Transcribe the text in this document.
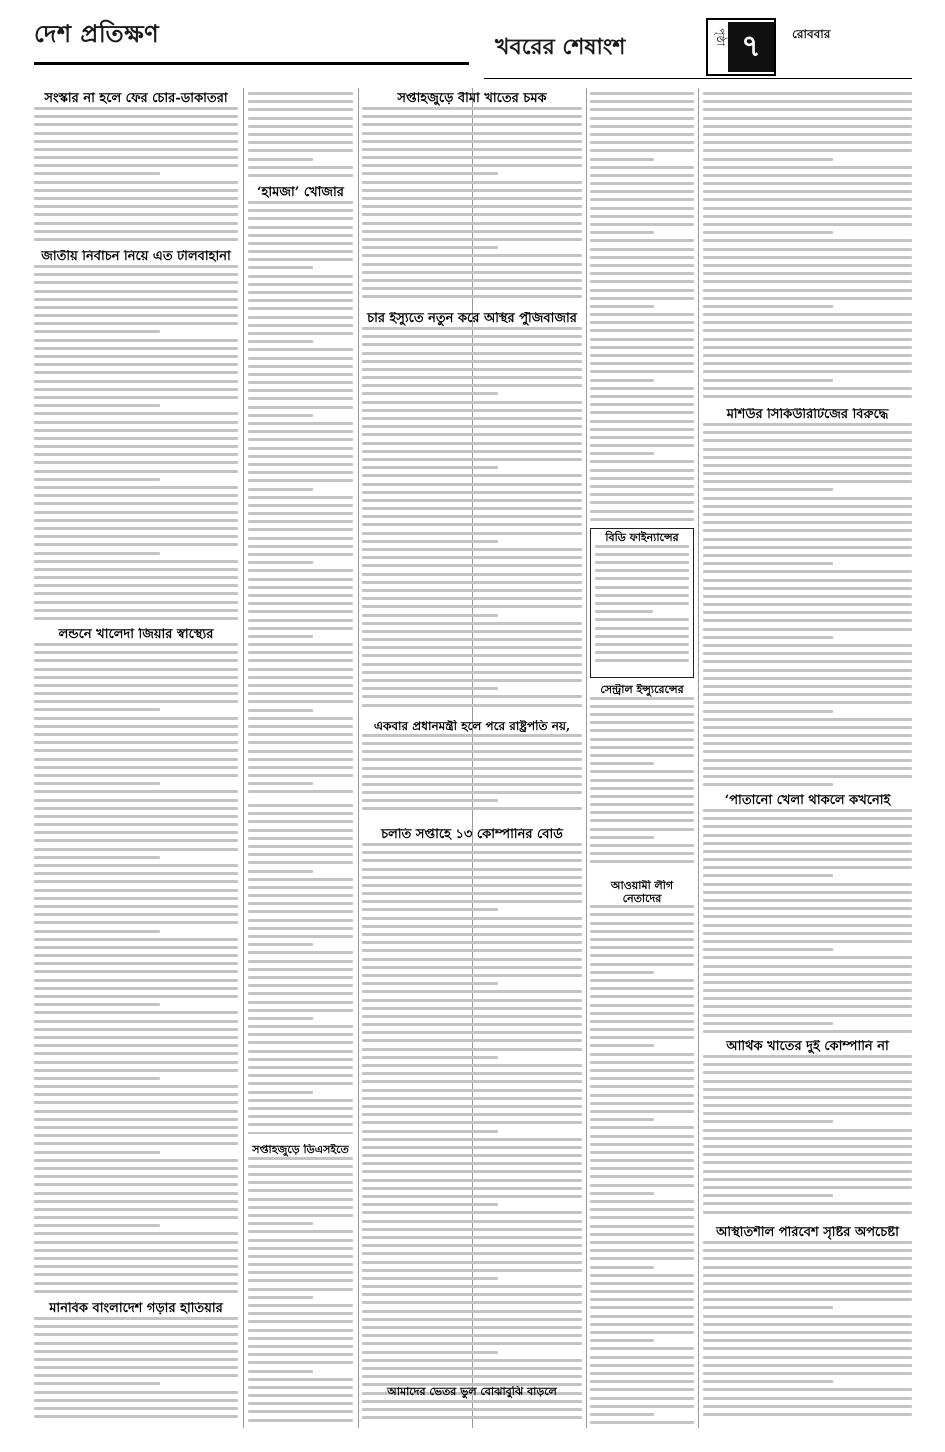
দেশ প্রতিক্ষণ	খবরের শেষাংশ	পৃষ্ঠা ৭	রোববার
সংস্কার না হলে ফের চোর-ডাকাতরা
জাতীয় নির্বাচন নিয়ে এত টালবাহানা
লন্ডনে খালেদা জিয়ার স্বাস্থ্যের
মানবিক বাংলাদেশ গড়ার হাতিয়ার
‘হামজা’ খোঁজার
সপ্তাহজুড়ে ডিএসইতে
সপ্তাহজুড়ে বীমা খাতের চমক
চার ইস্যুতে নতুন করে অস্থির পুঁজিবাজার
একবার প্রধানমন্ত্রী হলে পরে রাষ্ট্রপতি নয়,
চলতি সপ্তাহে ১৩ কোম্পানির বোর্ড
বিডি ফাইন্যান্সের
সেন্ট্রাল ইন্স্যুরেন্সের
আওয়ামী লীগ নেতাদের
মশিউর সিকিউরিটিজের বিরুদ্ধে
‘পাতানো খেলা থাকলে কখনোই
আর্থিক খাতের দুই কোম্পানি না
অস্থিতিশীল পরিবেশ সৃষ্টির অপচেষ্টা
আমাদের ভেতর ভুল বোঝাবুঝি বাড়লে
